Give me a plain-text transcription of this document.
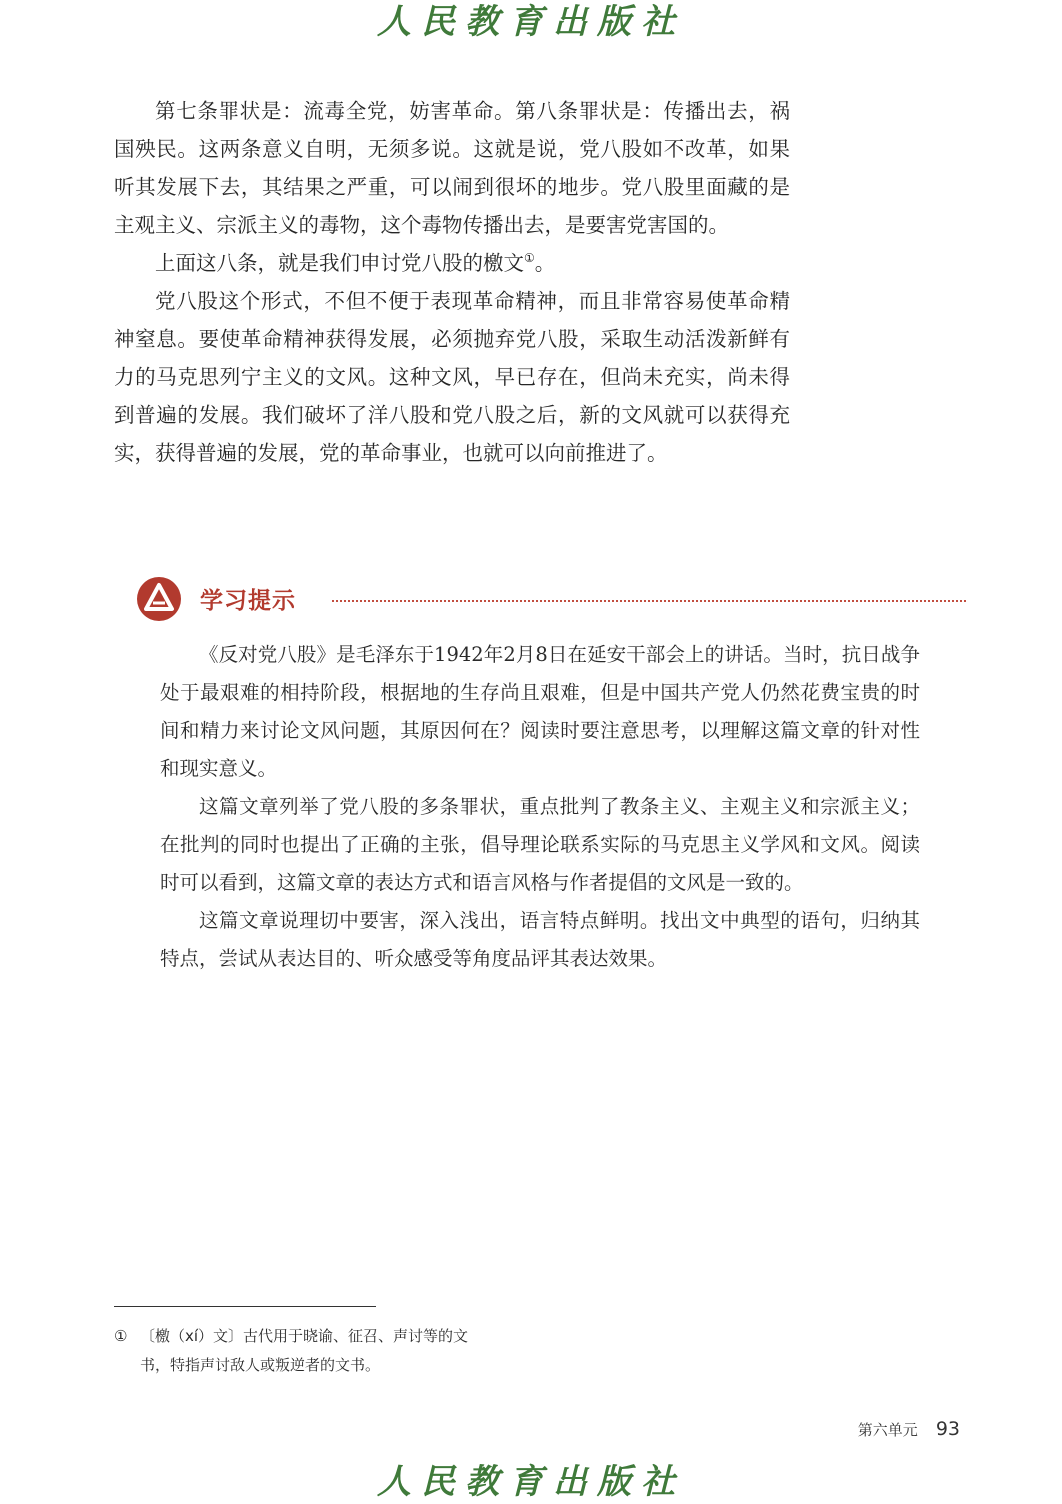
人民教育出版社

第七条罪状是：流毒全党，妨害革命。第八条罪状是：传播出去，祸国殃民。这两条意义自明，无须多说。这就是说，党八股如不改革，如果听其发展下去，其结果之严重，可以闹到很坏的地步。党八股里面藏的是主观主义、宗派主义的毒物，这个毒物传播出去，是要害党害国的。

上面这八条，就是我们申讨党八股的檄文①。

党八股这个形式，不但不便于表现革命精神，而且非常容易使革命精神窒息。要使革命精神获得发展，必须抛弃党八股，采取生动活泼新鲜有力的马克思列宁主义的文风。这种文风，早已存在，但尚未充实，尚未得到普遍的发展。我们破坏了洋八股和党八股之后，新的文风就可以获得充实，获得普遍的发展，党的革命事业，也就可以向前推进了。

学习提示

《反对党八股》是毛泽东于1942年2月8日在延安干部会上的讲话。当时，抗日战争处于最艰难的相持阶段，根据地的生存尚且艰难，但是中国共产党人仍然花费宝贵的时间和精力来讨论文风问题，其原因何在？阅读时要注意思考，以理解这篇文章的针对性和现实意义。

这篇文章列举了党八股的多条罪状，重点批判了教条主义、主观主义和宗派主义；在批判的同时也提出了正确的主张，倡导理论联系实际的马克思主义学风和文风。阅读时可以看到，这篇文章的表达方式和语言风格与作者提倡的文风是一致的。

这篇文章说理切中要害，深入浅出，语言特点鲜明。找出文中典型的语句，归纳其特点，尝试从表达目的、听众感受等角度品评其表达效果。

① 〔檄（xí）文〕古代用于晓谕、征召、声讨等的文
书，特指声讨敌人或叛逆者的文书。
第六单元 93
人民教育出版社
